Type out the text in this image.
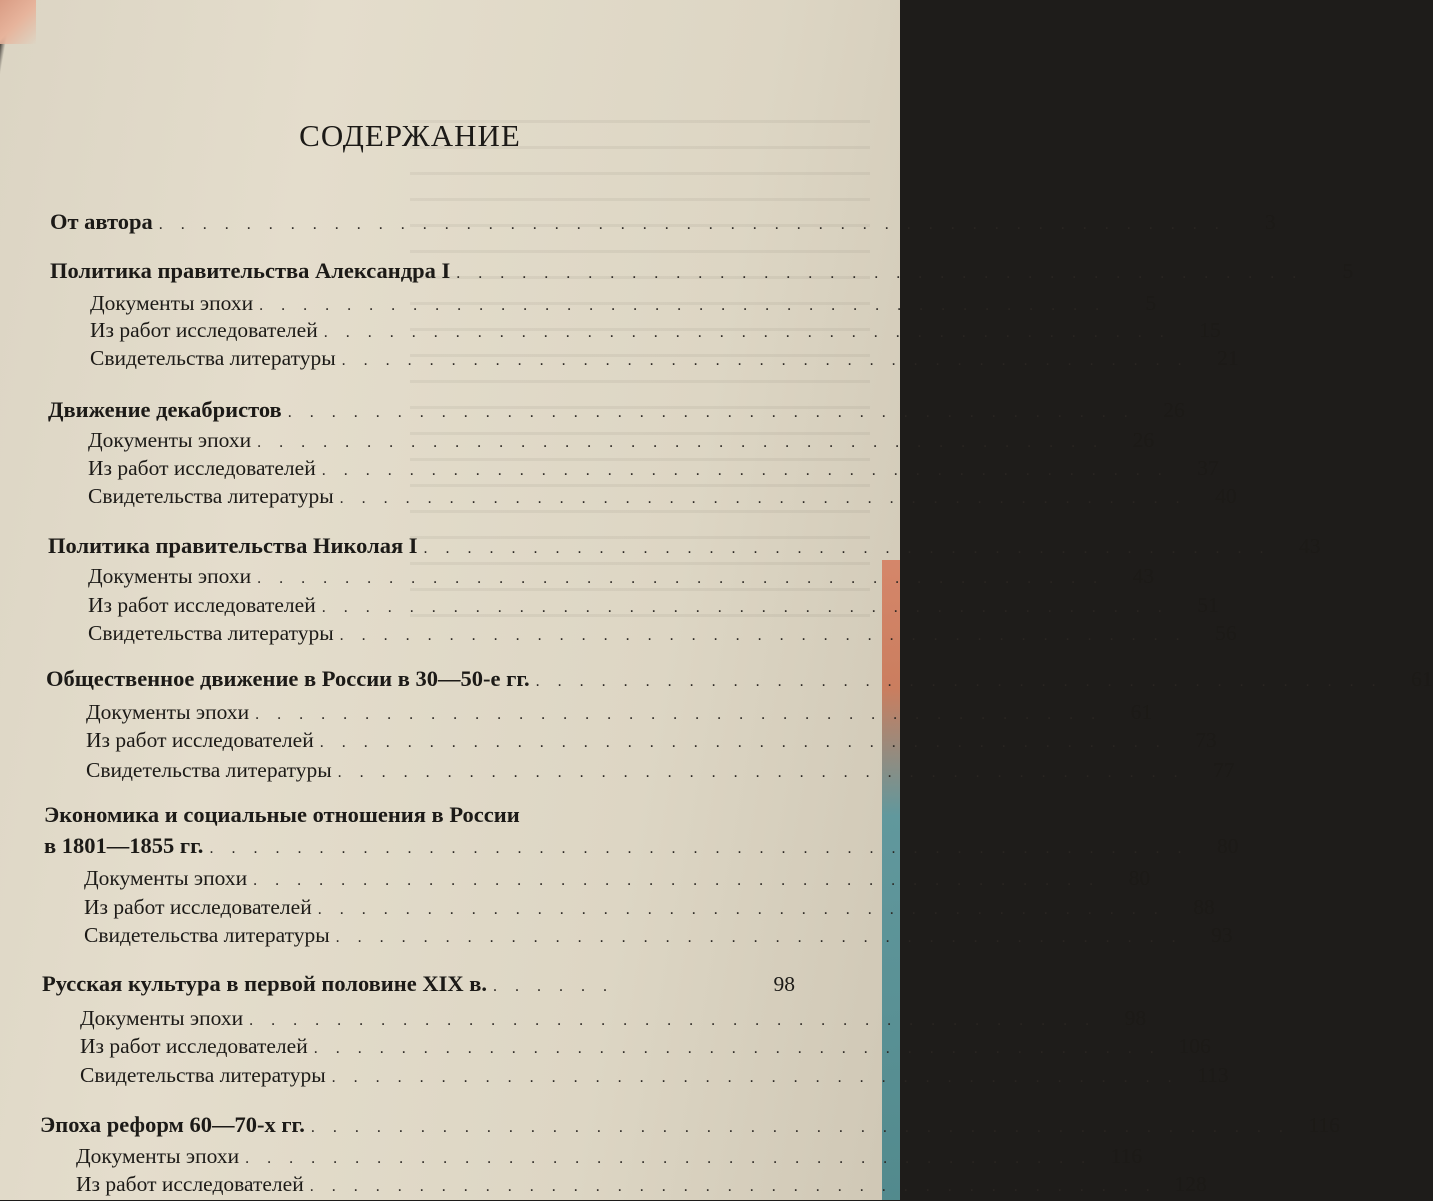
СОДЕРЖАНИЕ
От автора . . . . . . . . . . . . . . . . . . . . . . . . . . . . . . . . . . . . . . . . . . . . . . . . .	3
Политика правительства Александра I . . . . . . . . . . . . . . . . . . . . . . . . . . . . . . . . . . . . . . .	5
Документы эпохи . . . . . . . . . . . . . . . . . . . . . . . . . . . . . . . . . . . . . . .	5
Из работ исследователей . . . . . . . . . . . . . . . . . . . . . . . . . . . . . . . . . . . . . . .	15
Свидетельства литературы . . . . . . . . . . . . . . . . . . . . . . . . . . . . . . . . . . . . . . .	21
Движение декабристов . . . . . . . . . . . . . . . . . . . . . . . . . . . . . . . . . . . . . . .	26
Документы эпохи . . . . . . . . . . . . . . . . . . . . . . . . . . . . . . . . . . . . . . .	26
Из работ исследователей . . . . . . . . . . . . . . . . . . . . . . . . . . . . . . . . . . . . . . .	37
Свидетельства литературы . . . . . . . . . . . . . . . . . . . . . . . . . . . . . . . . . . . . . . .	40
Политика правительства Николая I . . . . . . . . . . . . . . . . . . . . . . . . . . . . . . . . . . . . . . .	43
Документы эпохи . . . . . . . . . . . . . . . . . . . . . . . . . . . . . . . . . . . . . . .	43
Из работ исследователей . . . . . . . . . . . . . . . . . . . . . . . . . . . . . . . . . . . . . . .	51
Свидетельства литературы . . . . . . . . . . . . . . . . . . . . . . . . . . . . . . . . . . . . . . .	56
Общественное движение в России в 30—50-е гг. . . . . . . . . . . . . . . . . . . . . . . . . . . . . . . . . . . . . . . .	61
Документы эпохи . . . . . . . . . . . . . . . . . . . . . . . . . . . . . . . . . . . . . . .	61
Из работ исследователей . . . . . . . . . . . . . . . . . . . . . . . . . . . . . . . . . . . . . . .	73
Свидетельства литературы . . . . . . . . . . . . . . . . . . . . . . . . . . . . . . . . . . . . . . .	77
Экономика и социальные отношения в России
в 1801—1855 гг. . . . . . . . . . . . . . . . . . . . . . . . . . . . . . . . . . . . . . . . . . . . . .	80
Документы эпохи . . . . . . . . . . . . . . . . . . . . . . . . . . . . . . . . . . . . . . .	80
Из работ исследователей . . . . . . . . . . . . . . . . . . . . . . . . . . . . . . . . . . . . . . .	88
Свидетельства литературы . . . . . . . . . . . . . . . . . . . . . . . . . . . . . . . . . . . . . . .	93
Русская культура в первой половине XIX в. . . . . . .	98
Документы эпохи . . . . . . . . . . . . . . . . . . . . . . . . . . . . . . . . . . . . . . .	98
Из работ исследователей . . . . . . . . . . . . . . . . . . . . . . . . . . . . . . . . . . . . . . . 106
Свидетельства литературы . . . . . . . . . . . . . . . . . . . . . . . . . . . . . . . . . . . . . . . 113
Эпоха реформ 60—70-х гг. . . . . . . . . . . . . . . . . . . . . . . . . . . . . . . . . . . . . . . . . . . . . . 116
Документы эпохи . . . . . . . . . . . . . . . . . . . . . . . . . . . . . . . . . . . . . . . 116
Из работ исследователей . . . . . . . . . . . . . . . . . . . . . . . . . . . . . . . . . . . . . . . 128
